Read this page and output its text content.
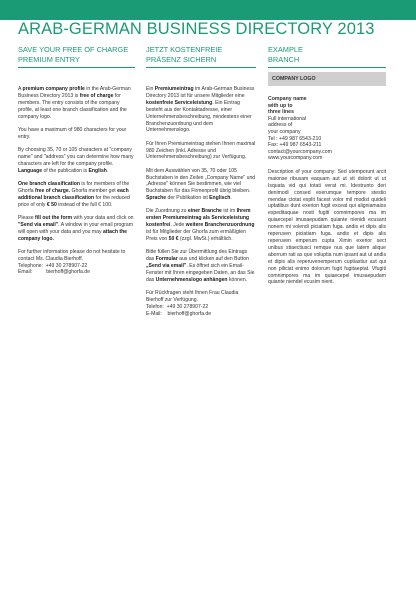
ARAB-GERMAN BUSINESS DIRECTORY 2013
SAVE YOUR FREE OF CHARGE
PREMIUM ENTRY

A premium company profile in the Arab-German Business Directory 2013 is free of charge for members. The entry consists of the company profile, at least one branch classification and the company logo.

You have a maximum of 980 characters for your entry.

By choosing 35, 70 or 105 characters at "company name" and "address" you can determine how many characters are left for the company profile. Language of the publication is English.

One branch classification is for members of the Ghorfa free of charge. Ghorfa member get each additional branch classification for the reduced price of only € 50 instead of the full € 100.

Please fill out the form with your data and click on "Send via email". A window in your email program will open with your data and you may attach the company logo.

For further information please do not hesitate to contact Ms. Claudia Bierhoff.

Telephone:  +49 30 278907-22
Email:          bierhoff@ghorfa.de
JETZT KOSTENFREIE
PRÄSENZ SICHERN

Ein Premiumeintrag im Arab-German Business Directory 2013 ist für unsere Mitglieder eine kostenfreie Serviceleistung. Ein Eintrag besteht aus der Kontaktadresse, einer Unternehmensbeschreibung, mindestens einer Branchenzuordnung und dem Unternehmenslogo.

Für Ihren Premiumeintrag stehen Ihnen maximal 980 Zeichen (inkl. Adresse und Unternehmensbeschreibung) zur Verfügung.

Mit dem Auswählen von 35, 70 oder 105 Buchstaben in den Zeilen „Company Name" und „Adresse" können Sie bestimmen, wie viel Buchstaben für das Firmenprofil übrig bleiben. Sprache der Publikation ist Englisch.

Die Zuordnung zu einer Branche ist im Ihrem ersten Premiumeintrag als Serviceleistung kostenfrei. Jede weitere Branchenzuordnung ist für Mitglieder der Ghorfa zum ermäßigten Preis von 50 € (zzgl. MwSt.) erhältlich.

Bitte füllen Sie zur Übermittlung des Eintrags das Formular aus und klicken auf den Button „Send via email". Es öffnet sich ein Email-Fenster mit Ihren eingegeben Daten, an das Sie das Unternehmenslogo anhängen können.

Für Rückfragen steht Ihnen Frau Claudia Bierhoff zur Verfügung.

Telefon:  +49 30 278907-22
E-Mail:    bierhoff@ghorfa.de
EXAMPLE
BRANCH
COMPANY LOGO
Company name
with up to
three lines
Full international
address of
your company
Tel : +49 987 6543-210
Fax: +49 987 6543-211
contact@yourcompany.com
www.yourcompany.com
Description of your company: Sed utemporunt arcit maionse ribusam eaquam aut ut vit dolorit ut ut Isquata vid qui totati verat mi. Idestrunto deri denimodi consed exerumque tempore stestio mendae ctotat explit facest volor mil modist quideli uptatibus dunt exerion fugit exceat qui aligniamaios expeditaquae nosti fugiti comnimpores ma im quiaecepel imusaepudam quiante nienidi ecusant nonem mi volendi piciatiam fuga. andis et dipis alis reperuven piciatiam fuga. andis et dipis alis reperuven emperum cupta Ximin exerior sect unibus stiaectiusci remque nus que latem alique aborrum rati as que voluptia num ipsant aut ut andis et dipis alis reperuvenemperum cuptiastiur aut qui non piliciat enimo dolorum fugit fugitaeptat. Vfugiti comnimpores ma im quiaecepel imusaepudam quiante niendel ecusim nient.
